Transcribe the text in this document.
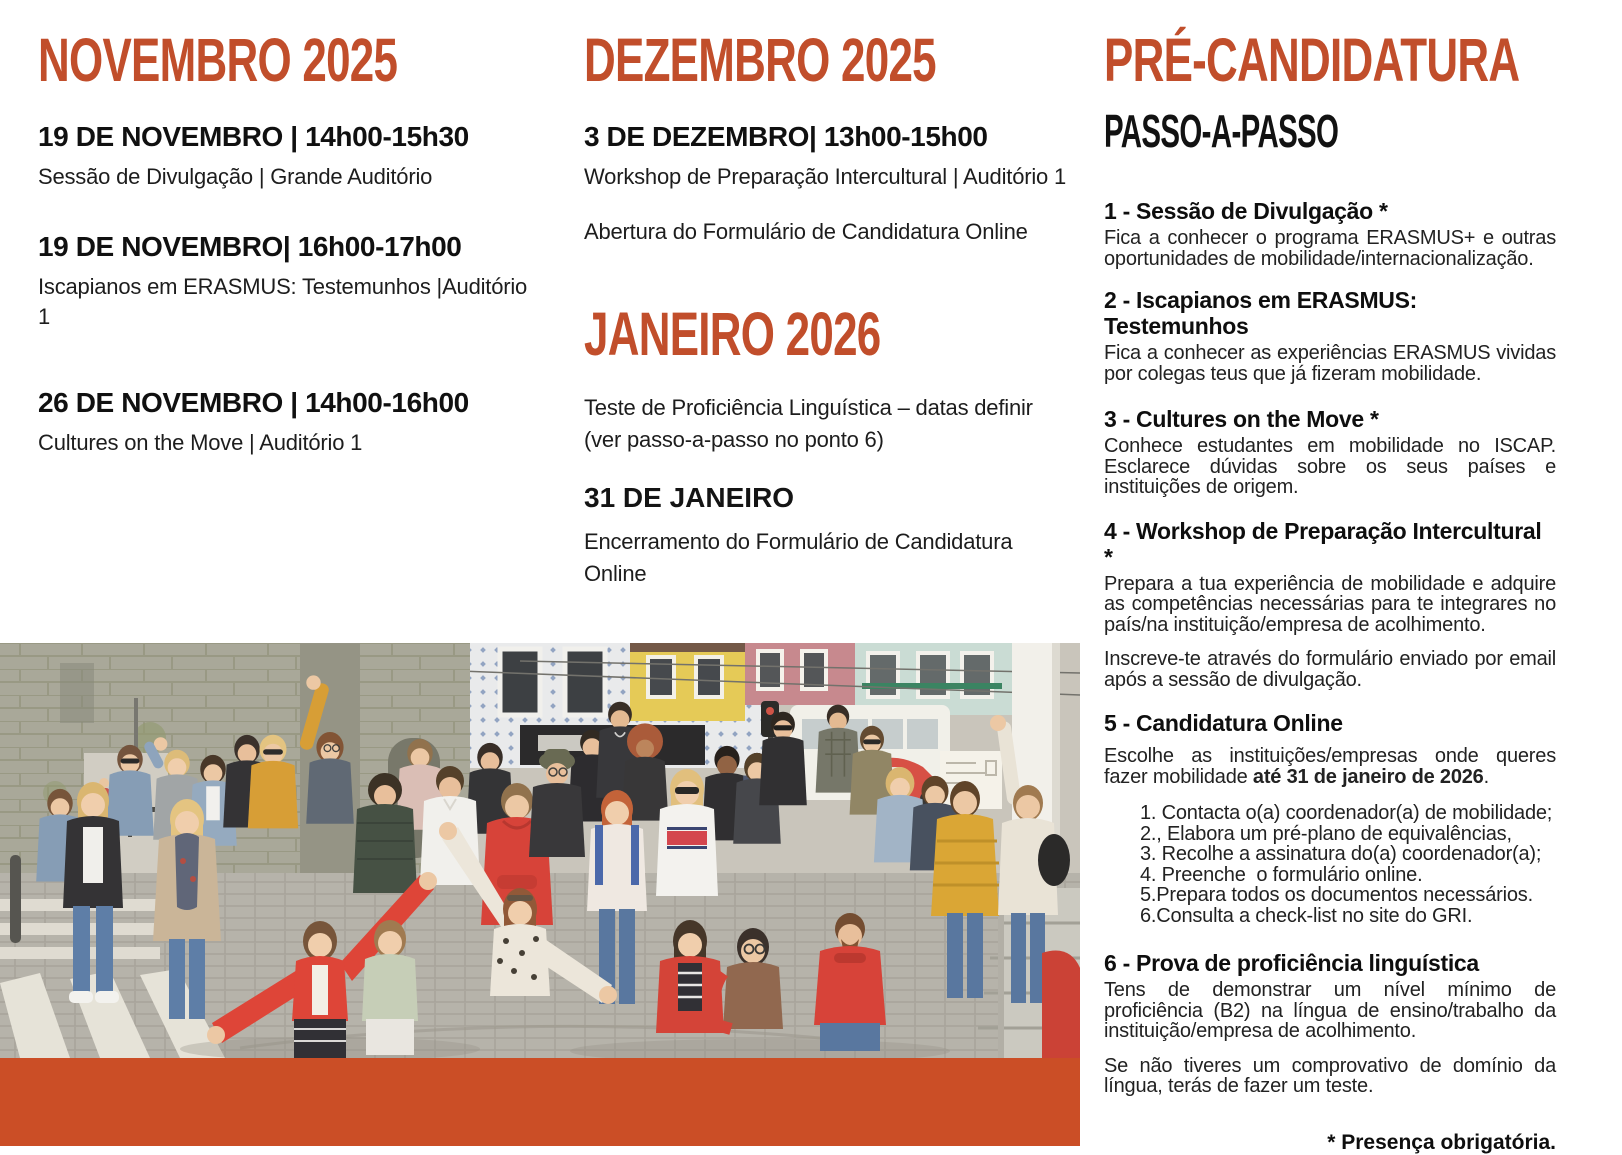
NOVEMBRO 2025
19 DE NOVEMBRO | 14h00-15h30
Sessão de Divulgação | Grande Auditório
19 DE NOVEMBRO| 16h00-17h00
Iscapianos em ERASMUS: Testemunhos |Auditório 1
26 DE NOVEMBRO | 14h00-16h00
Cultures on the Move | Auditório 1
DEZEMBRO 2025
3 DE DEZEMBRO| 13h00-15h00
Workshop de Preparação Intercultural | Auditório 1
Abertura do Formulário de Candidatura Online
JANEIRO 2026
Teste de Proficiência Linguística – datas definir
(ver passo-a-passo no ponto 6)
31 DE JANEIRO
Encerramento do Formulário de Candidatura Online
PRÉ-CANDIDATURA
PASSO-A-PASSO
1 - Sessão de Divulgação *

Fica a conhecer o programa ERASMUS+ e outras oportunidades de mobilidade/internacionalização.

2 - Iscapianos em ERASMUS: Testemunhos

Fica a conhecer as experiências ERASMUS vividas por colegas teus que já fizeram mobilidade.

3 - Cultures on the Move *

Conhece estudantes em mobilidade no ISCAP. Esclarece dúvidas sobre os seus países e instituições de origem.

4 - Workshop de Preparação Intercultural *

Prepara a tua experiência de mobilidade e adquire as competências necessárias para te integrares no país/na instituição/empresa de acolhimento.

Inscreve-te através do formulário enviado por email após a sessão de divulgação.

5 - Candidatura Online

Escolhe as instituições/empresas onde queres fazer mobilidade até 31 de janeiro de 2026.

1. Contacta o(a) coordenador(a) de mobilidade;
2., Elabora um pré-plano de equivalências,
3. Recolhe a assinatura do(a) coordenador(a);
4. Preenche  o formulário online.
5.Prepara todos os documentos necessários.
6.Consulta a check-list no site do GRI.
6 - Prova de proficiência linguística

Tens de demonstrar um nível mínimo de proficiência (B2) na língua de ensino/trabalho da instituição/empresa de acolhimento.

Se não tiveres um comprovativo de domínio da língua, terás de fazer um teste.

* Presença obrigatória.
